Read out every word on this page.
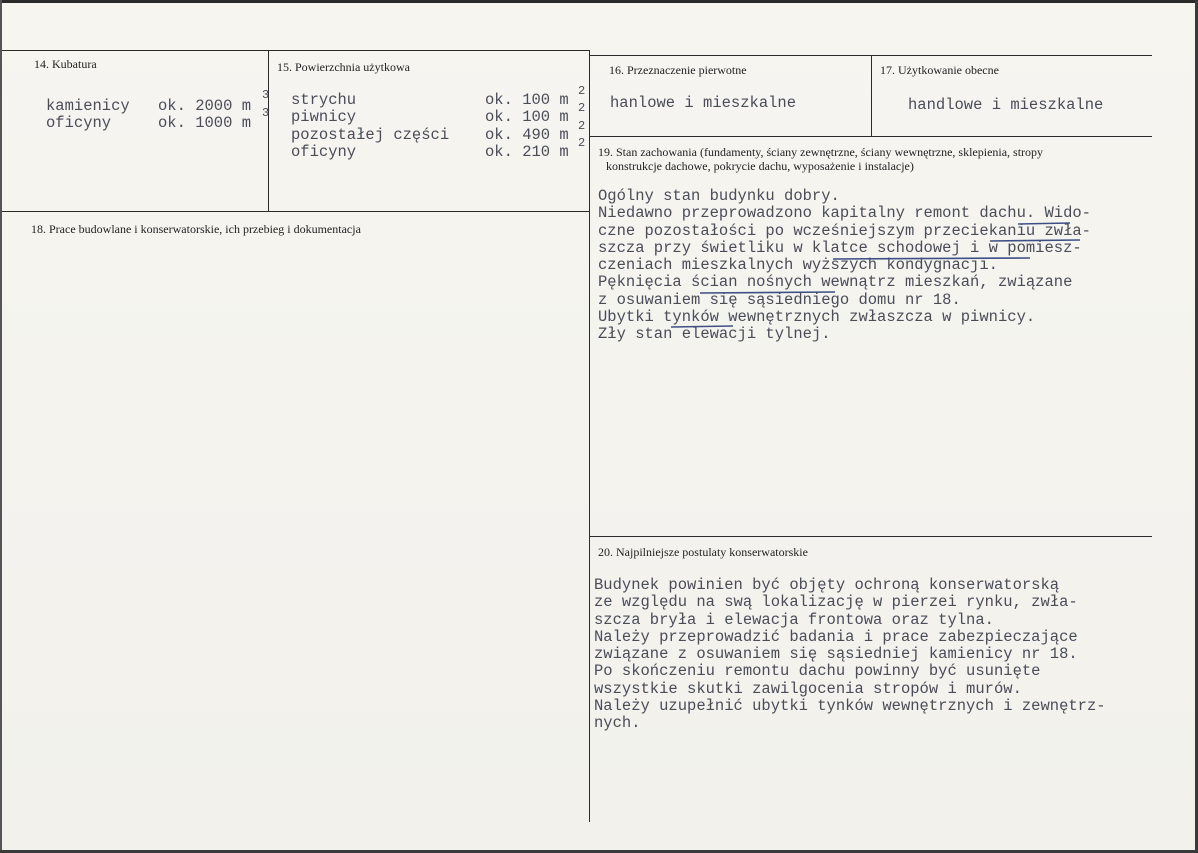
14. Kubatura
kamienicy
oficyny
ok. 2000 m
ok. 1000 m
3
3
15. Powierzchnia użytkowa
strychu
piwnicy
pozostałej części
oficyny
ok. 100 m
ok. 100 m
ok. 490 m
ok. 210 m
2
2
2
2
16. Przeznaczenie pierwotne
hanlowe i mieszkalne
17. Użytkowanie obecne
handlowe i mieszkalne
18. Prace budowlane i konserwatorskie, ich przebieg i dokumentacja
19. Stan zachowania (fundamenty, ściany zewnętrzne, ściany wewnętrzne, sklepienia, stropy
konstrukcje dachowe, pokrycie dachu, wyposażenie i instalacje)
Ogólny stan budynku dobry.
Niedawno przeprowadzono kapitalny remont dachu. Wido-
czne pozostałości po wcześniejszym przeciekaniu zwła-
szcza przy świetliku w klatce schodowej i w pomiesz-
czeniach mieszkalnych wyższych kondygnacji.
Pęknięcia ścian nośnych wewnątrz mieszkań, związane
z osuwaniem się sąsiedniego domu nr 18.
Ubytki tynków wewnętrznych zwłaszcza w piwnicy.
Zły stan elewacji tylnej.
20. Najpilniejsze postulaty konserwatorskie
Budynek powinien być objęty ochroną konserwatorską
ze względu na swą lokalizację w pierzei rynku, zwła-
szcza bryła i elewacja frontowa oraz tylna.
Należy przeprowadzić badania i prace zabezpieczające
związane z osuwaniem się sąsiedniej kamienicy nr 18.
Po skończeniu remontu dachu powinny być usunięte
wszystkie skutki zawilgocenia stropów i murów.
Należy uzupełnić ubytki tynków wewnętrznych i zewnętrz-
nych.
